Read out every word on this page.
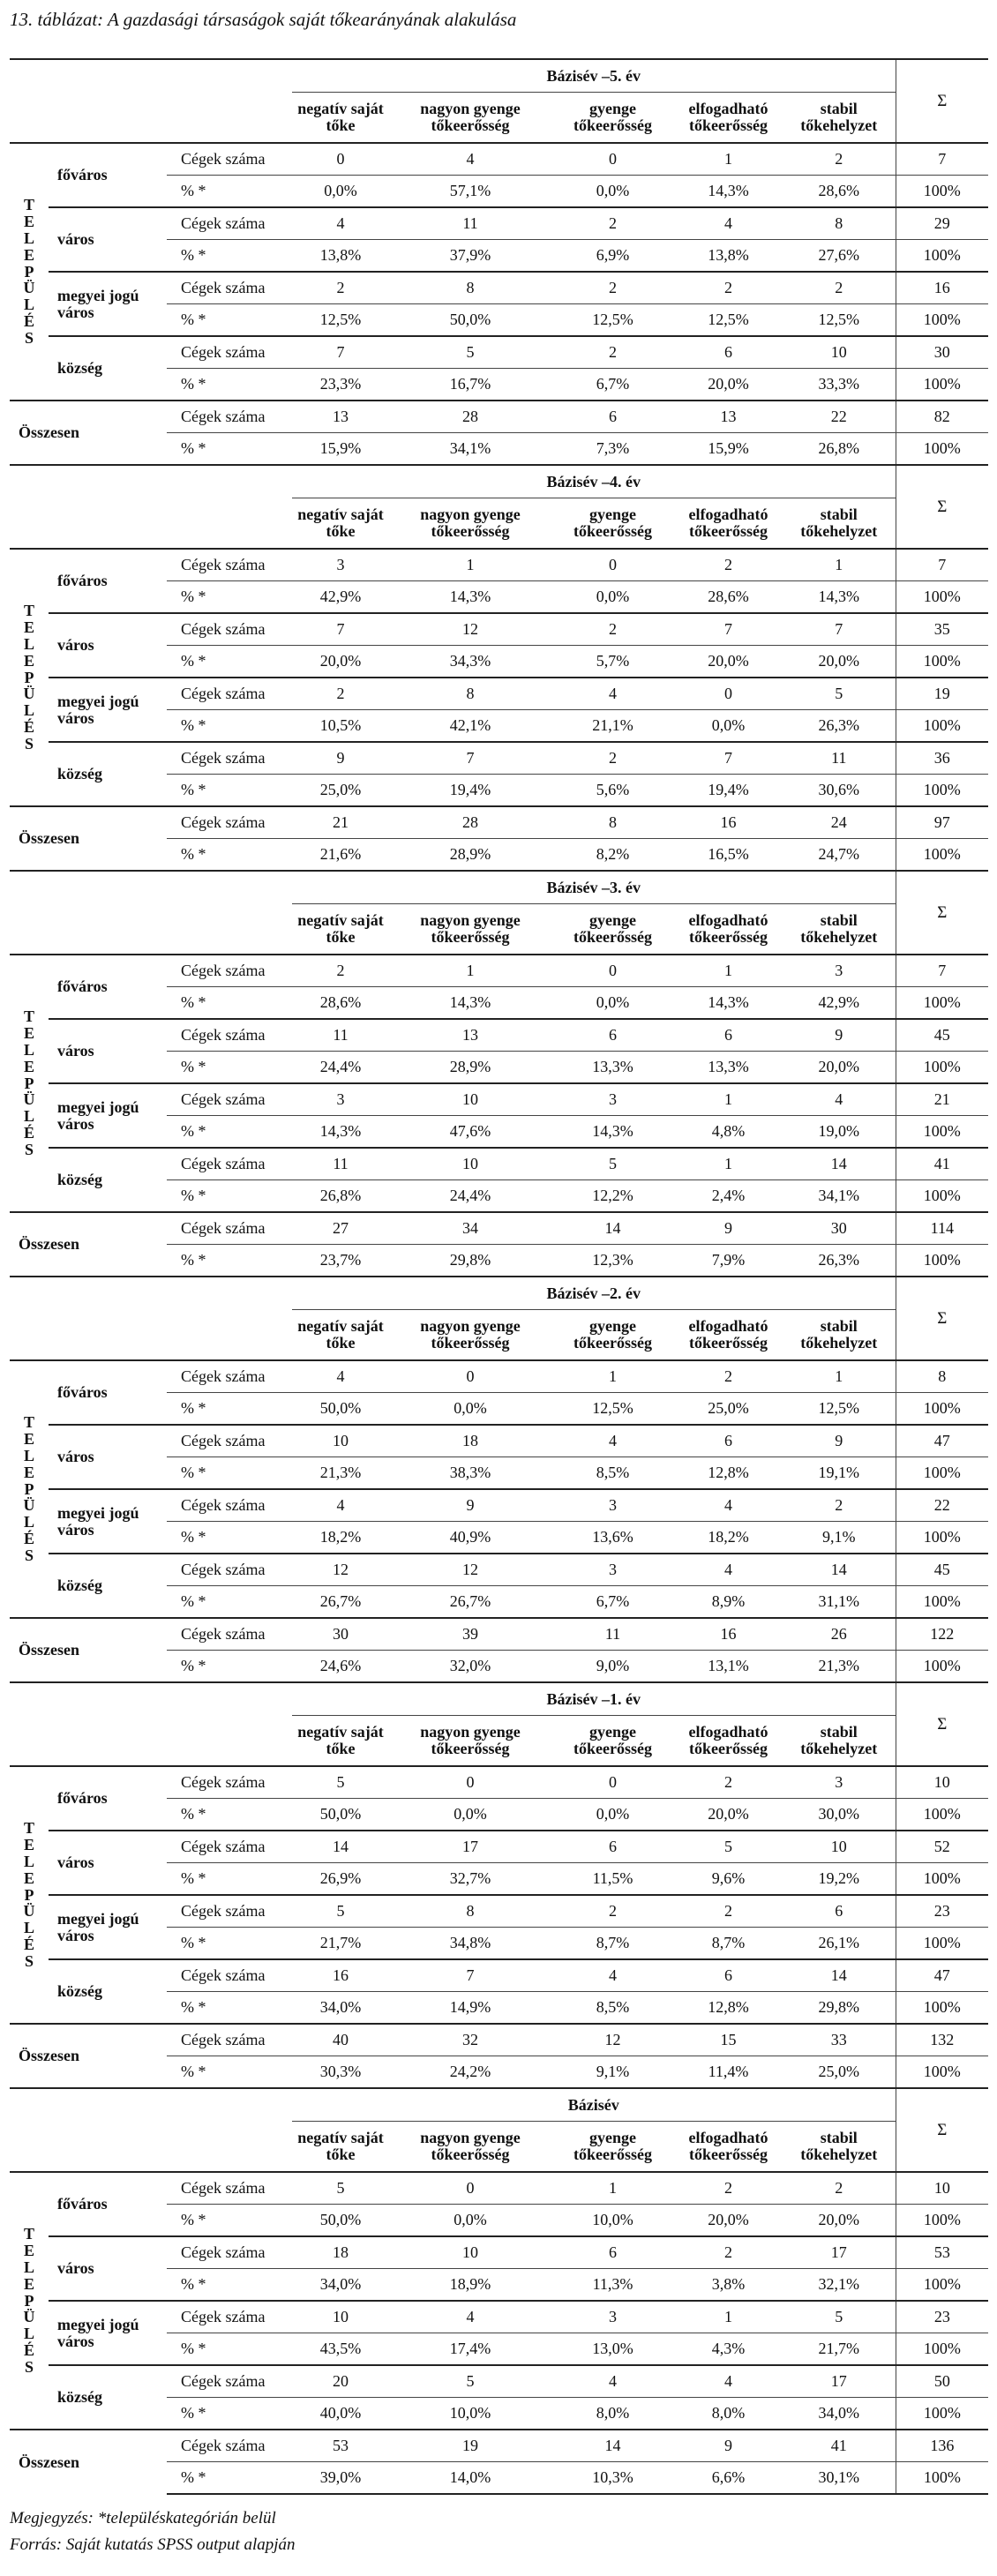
13. táblázat: A gazdasági társaságok saját tőkearányának alakulása
			Bázisév –5. év					Σ
			negatív saját tőke	nagyon gyenge tőkeerősség	gyenge tőkeerősség	elfogadható tőkeerősség	stabil tőkehelyzet	
TELEPÜLÉS	főváros	Cégek száma	0	4	0	1	2	7
		% *	0,0%	57,1%	0,0%	14,3%	28,6%	100%
	város	Cégek száma	4	11	2	4	8	29
		% *	13,8%	37,9%	6,9%	13,8%	27,6%	100%
	megyei jogú város	Cégek száma	2	8	2	2	2	16
		% *	12,5%	50,0%	12,5%	12,5%	12,5%	100%
	község	Cégek száma	7	5	2	6	10	30
		% *	23,3%	16,7%	6,7%	20,0%	33,3%	100%
Összesen		Cégek száma	13	28	6	13	22	82
		% *	15,9%	34,1%	7,3%	15,9%	26,8%	100%
			Bázisév –4. év					Σ
			negatív saját tőke	nagyon gyenge tőkeerősség	gyenge tőkeerősség	elfogadható tőkeerősség	stabil tőkehelyzet	
TELEPÜLÉS	főváros	Cégek száma	3	1	0	2	1	7
		% *	42,9%	14,3%	0,0%	28,6%	14,3%	100%
	város	Cégek száma	7	12	2	7	7	35
		% *	20,0%	34,3%	5,7%	20,0%	20,0%	100%
	megyei jogú város	Cégek száma	2	8	4	0	5	19
		% *	10,5%	42,1%	21,1%	0,0%	26,3%	100%
	község	Cégek száma	9	7	2	7	11	36
		% *	25,0%	19,4%	5,6%	19,4%	30,6%	100%
Összesen		Cégek száma	21	28	8	16	24	97
		% *	21,6%	28,9%	8,2%	16,5%	24,7%	100%
			Bázisév –3. év					Σ
			negatív saját tőke	nagyon gyenge tőkeerősség	gyenge tőkeerősség	elfogadható tőkeerősség	stabil tőkehelyzet	
TELEPÜLÉS	főváros	Cégek száma	2	1	0	1	3	7
		% *	28,6%	14,3%	0,0%	14,3%	42,9%	100%
	város	Cégek száma	11	13	6	6	9	45
		% *	24,4%	28,9%	13,3%	13,3%	20,0%	100%
	megyei jogú város	Cégek száma	3	10	3	1	4	21
		% *	14,3%	47,6%	14,3%	4,8%	19,0%	100%
	község	Cégek száma	11	10	5	1	14	41
		% *	26,8%	24,4%	12,2%	2,4%	34,1%	100%
Összesen		Cégek száma	27	34	14	9	30	114
		% *	23,7%	29,8%	12,3%	7,9%	26,3%	100%
			Bázisév –2. év					Σ
			negatív saját tőke	nagyon gyenge tőkeerősség	gyenge tőkeerősség	elfogadható tőkeerősség	stabil tőkehelyzet	
TELEPÜLÉS	főváros	Cégek száma	4	0	1	2	1	8
		% *	50,0%	0,0%	12,5%	25,0%	12,5%	100%
	város	Cégek száma	10	18	4	6	9	47
		% *	21,3%	38,3%	8,5%	12,8%	19,1%	100%
	megyei jogú város	Cégek száma	4	9	3	4	2	22
		% *	18,2%	40,9%	13,6%	18,2%	9,1%	100%
	község	Cégek száma	12	12	3	4	14	45
		% *	26,7%	26,7%	6,7%	8,9%	31,1%	100%
Összesen		Cégek száma	30	39	11	16	26	122
		% *	24,6%	32,0%	9,0%	13,1%	21,3%	100%
			Bázisév –1. év					Σ
			negatív saját tőke	nagyon gyenge tőkeerősség	gyenge tőkeerősség	elfogadható tőkeerősség	stabil tőkehelyzet	
TELEPÜLÉS	főváros	Cégek száma	5	0	0	2	3	10
		% *	50,0%	0,0%	0,0%	20,0%	30,0%	100%
	város	Cégek száma	14	17	6	5	10	52
		% *	26,9%	32,7%	11,5%	9,6%	19,2%	100%
	megyei jogú város	Cégek száma	5	8	2	2	6	23
		% *	21,7%	34,8%	8,7%	8,7%	26,1%	100%
	község	Cégek száma	16	7	4	6	14	47
		% *	34,0%	14,9%	8,5%	12,8%	29,8%	100%
Összesen		Cégek száma	40	32	12	15	33	132
		% *	30,3%	24,2%	9,1%	11,4%	25,0%	100%
			Bázisév					Σ
			negatív saját tőke	nagyon gyenge tőkeerősség	gyenge tőkeerősség	elfogadható tőkeerősség	stabil tőkehelyzet	
TELEPÜLÉS	főváros	Cégek száma	5	0	1	2	2	10
		% *	50,0%	0,0%	10,0%	20,0%	20,0%	100%
	város	Cégek száma	18	10	6	2	17	53
		% *	34,0%	18,9%	11,3%	3,8%	32,1%	100%
	megyei jogú város	Cégek száma	10	4	3	1	5	23
		% *	43,5%	17,4%	13,0%	4,3%	21,7%	100%
	község	Cégek száma	20	5	4	4	17	50
		% *	40,0%	10,0%	8,0%	8,0%	34,0%	100%
Összesen		Cégek száma	53	19	14	9	41	136
		% *	39,0%	14,0%	10,3%	6,6%	30,1%	100%
Megjegyzés: *településkategórián belül
Forrás: Saját kutatás SPSS output alapján
